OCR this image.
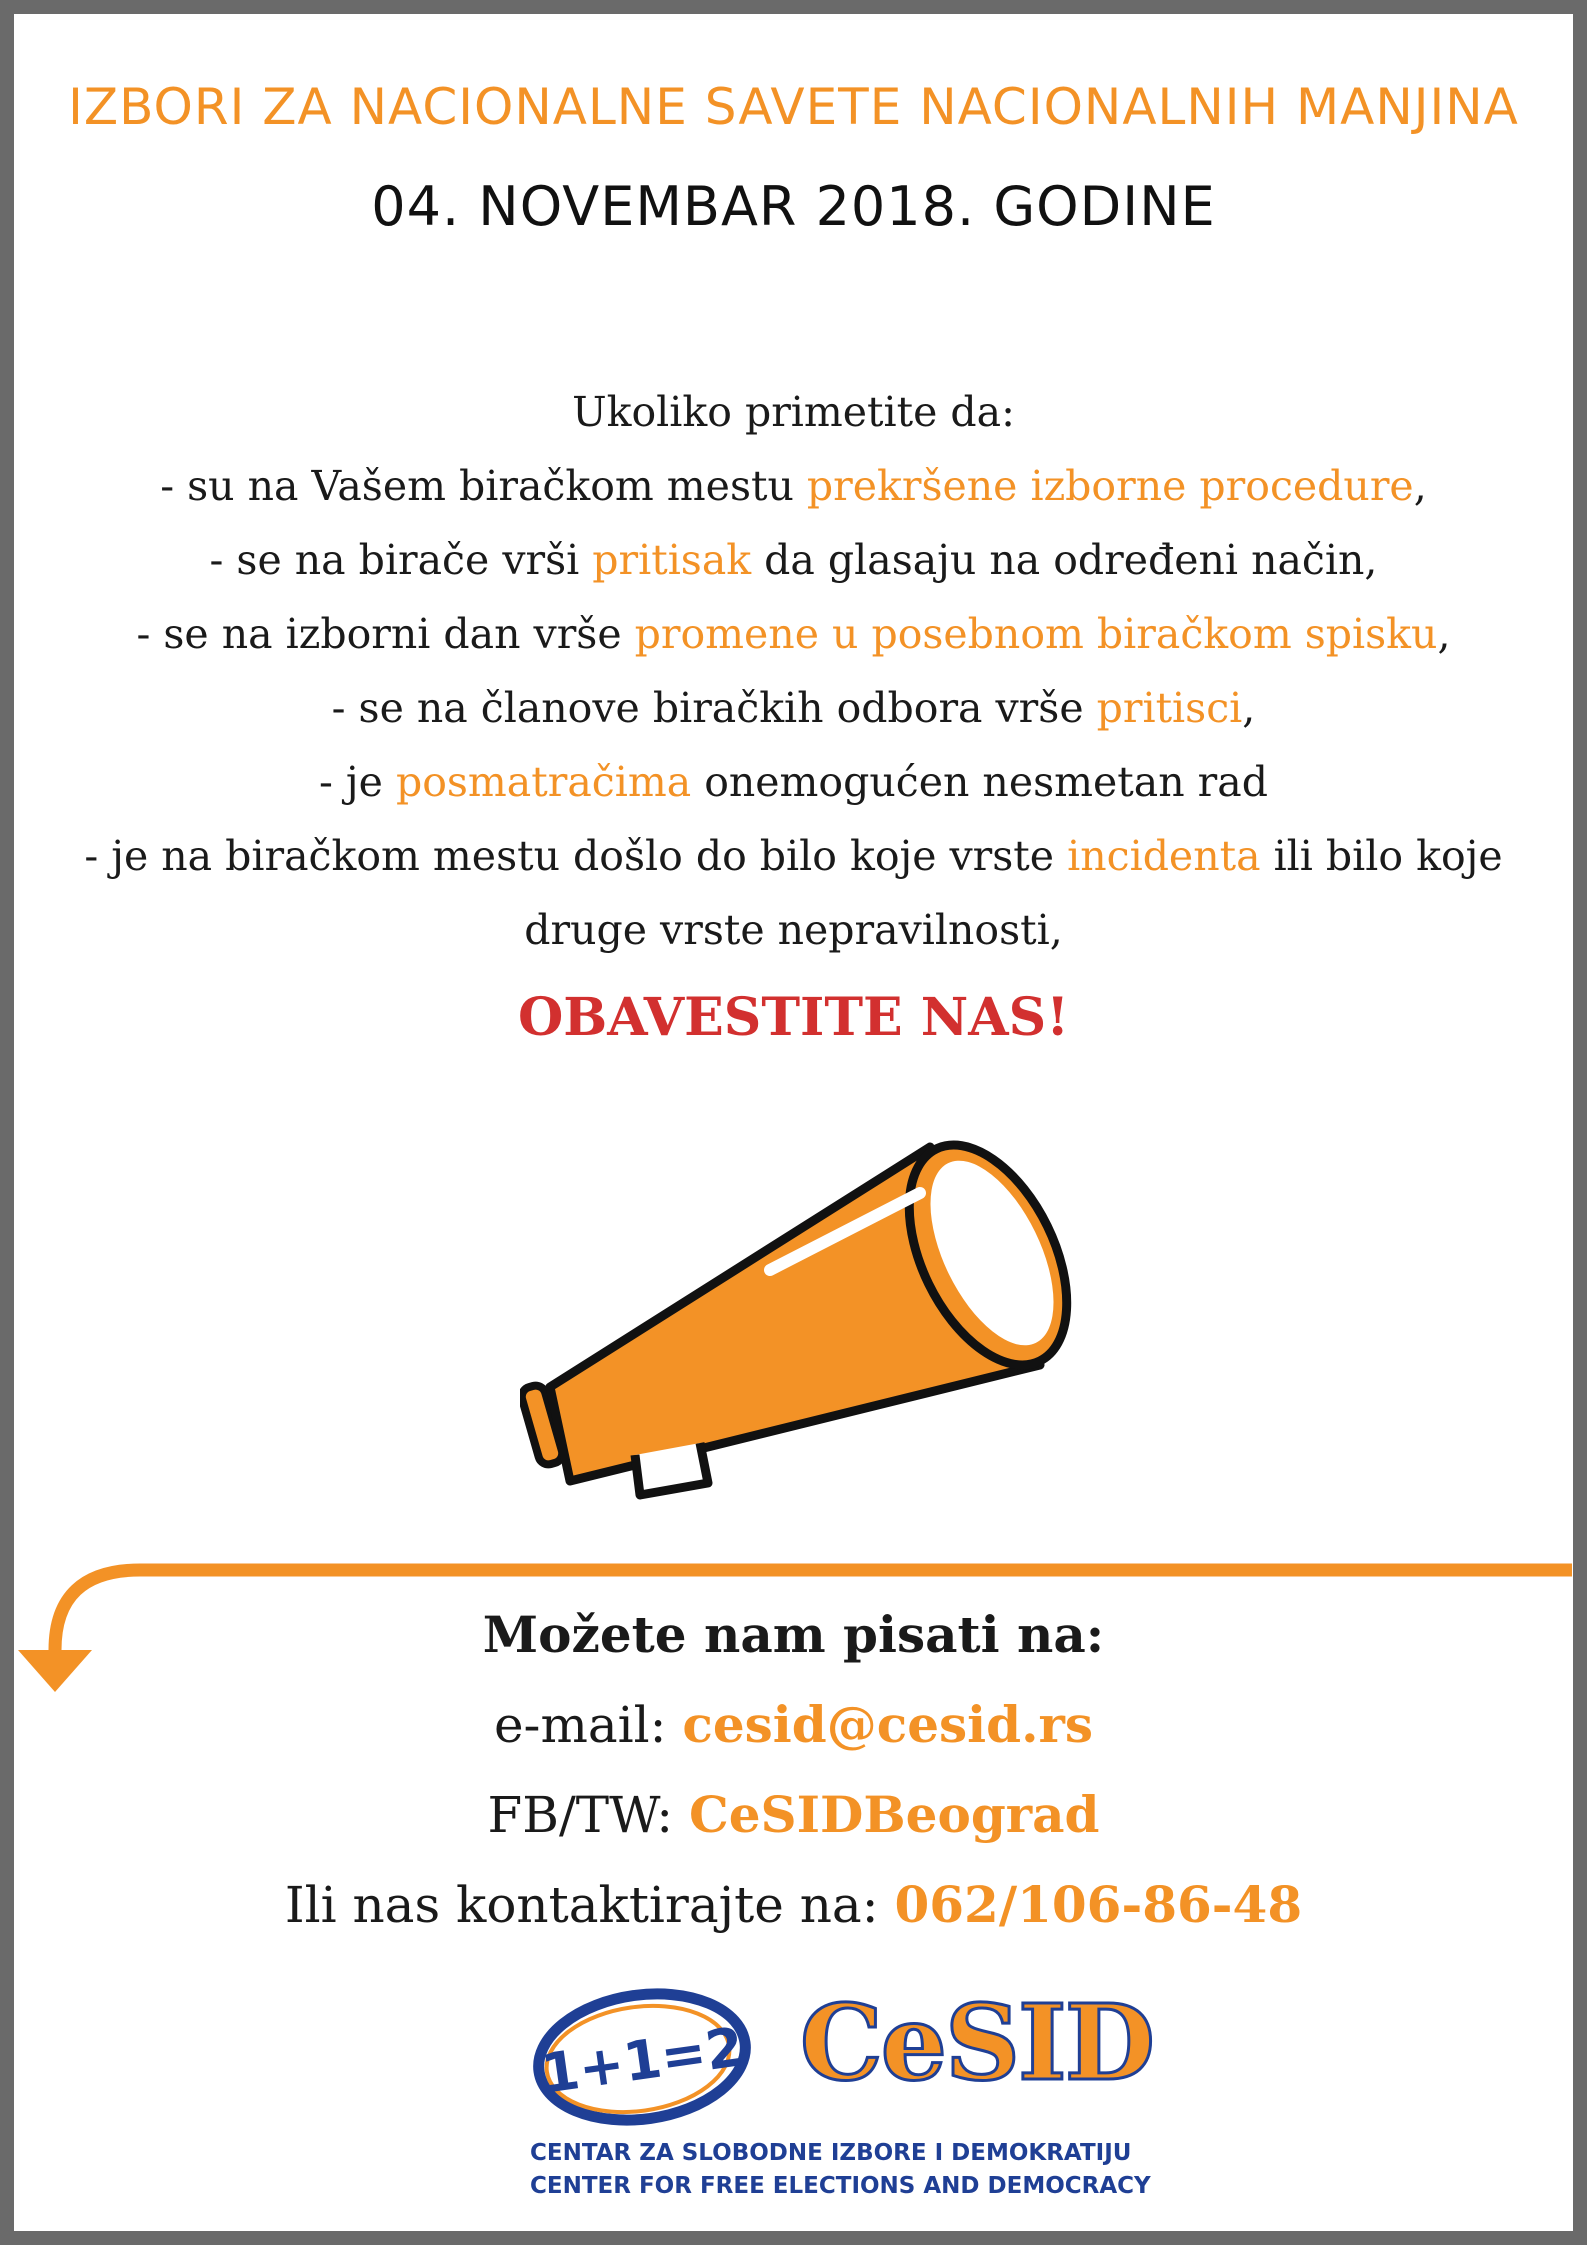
IZBORI ZA NACIONALNE SAVETE NACIONALNIH MANJINA
04. NOVEMBAR 2018. GODINE
Ukoliko primetite da:
- su na Vašem biračkom mestu prekršene izborne procedure,
- se na birače vrši pritisak da glasaju na određeni način,
- se na izborni dan vrše promene u posebnom biračkom spisku,
- se na članove biračkih odbora vrše pritisci,
- je posmatračima onemogućen nesmetan rad
- je na biračkom mestu došlo do bilo koje vrste incidenta ili bilo koje
druge vrste nepravilnosti,
OBAVESTITE NAS!
Možete nam pisati na:
e-mail: cesid@cesid.rs
FB/TW: CeSIDBeograd
Ili nas kontaktirajte na: 062/106-86-48
1+1=2 CeSID
CENTAR ZA SLOBODNE IZBORE I DEMOKRATIJU
CENTER FOR FREE ELECTIONS AND DEMOCRACY
